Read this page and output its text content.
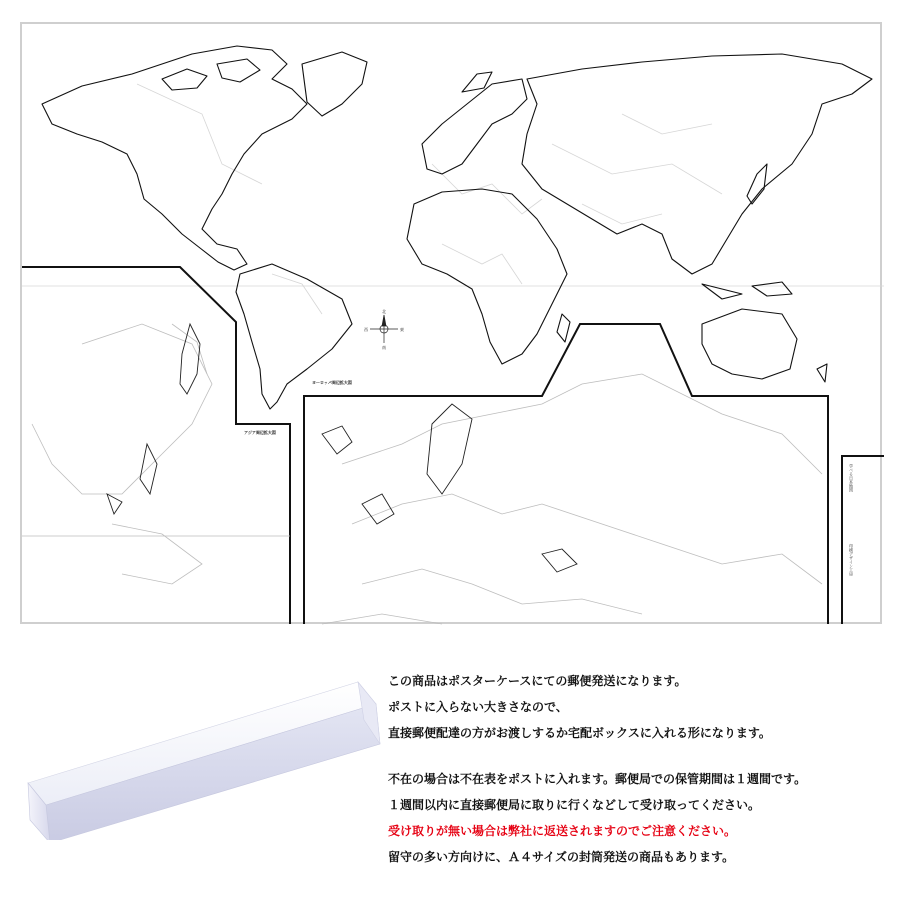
北
南
東
西
アジア周辺拡大図
ヨーロッパ周辺拡大図
学べる日本地図
印刷デザイン工房
この商品はポスターケースにての郵便発送になります。
ポストに入らない大きさなので、
直接郵便配達の方がお渡しするか宅配ボックスに入れる形になります。
不在の場合は不在表をポストに入れます。郵便局での保管期間は１週間です。
１週間以内に直接郵便局に取りに行くなどして受け取ってください。
受け取りが無い場合は弊社に返送されますのでご注意ください。
留守の多い方向けに、Ａ４サイズの封筒発送の商品もあります。
